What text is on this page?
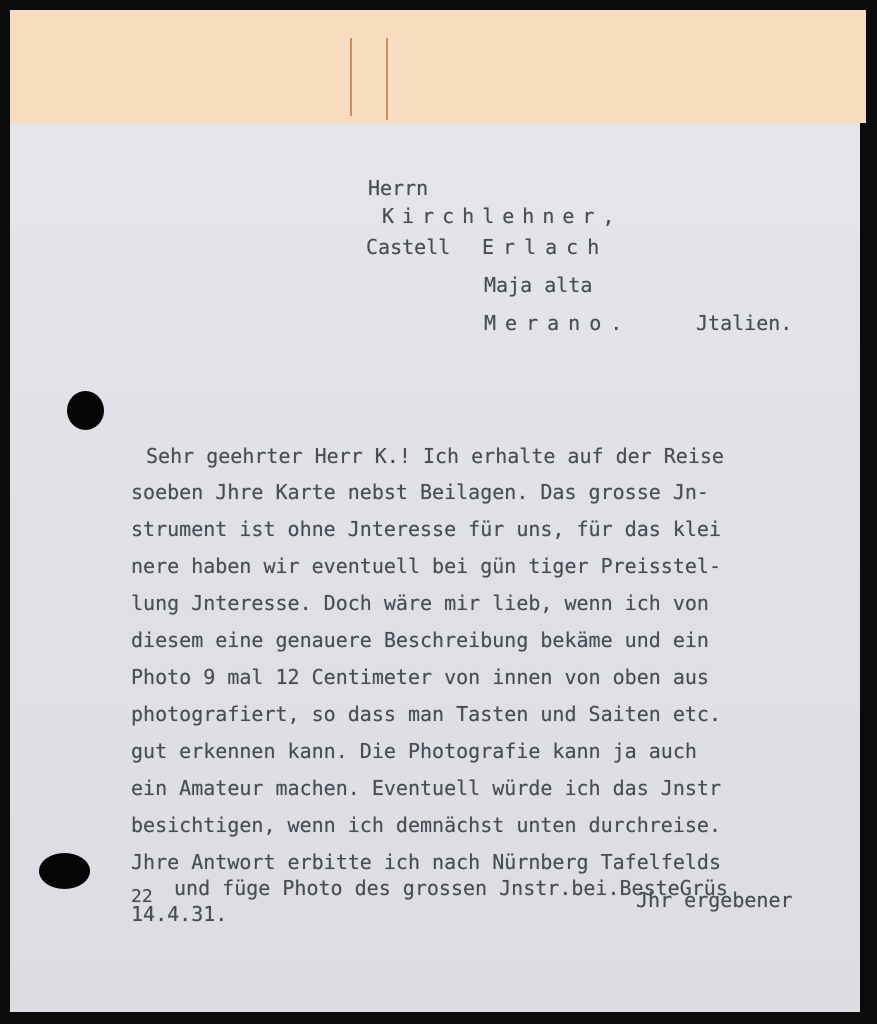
Herrn
Kirchlehner,
Castell Erlach
Maja alta
Merano.	Jtalien.
Sehr geehrter Herr K.! Ich erhalte auf der Reise
soeben Jhre Karte nebst Beilagen. Das grosse Jn-
strument ist ohne Jnteresse für uns, für das klei
nere haben wir eventuell bei gün tiger Preisstel-
lung Jnteresse. Doch wäre mir lieb, wenn ich von
diesem eine genauere Beschreibung bekäme und ein
Photo 9 mal 12 Centimeter von innen von oben aus
photografiert, so dass man Tasten und Saiten etc.
gut erkennen kann. Die Photografie kann ja auch
ein Amateur machen. Eventuell würde ich das Jnstr
besichtigen, wenn ich demnächst unten durchreise.
Jhre Antwort erbitte ich nach Nürnberg Tafelfelds
22 und füge Photo des grossen Jnstr.bei.BesteGrüs
14.4.31.
Jhr ergebener
